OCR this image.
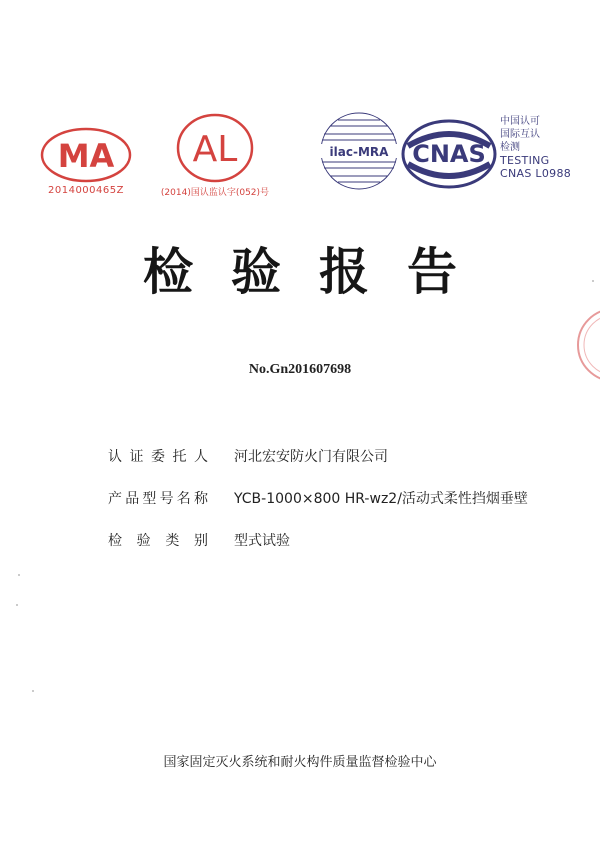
MA
2014000465Z
AL
(2014)国认监认字(052)号
ilac-MRA CNAS
中国认可
国际互认
检测
TESTING
CNAS L0988
检验报告
No.Gn201607698
认 证 委 托 人 河北宏安防火门有限公司
产 品 型 号 名 称 YCB-1000×800 HR-wz2/活动式柔性挡烟垂壁
检 验 类 别 型式试验
国家固定灭火系统和耐火构件质量监督检验中心
